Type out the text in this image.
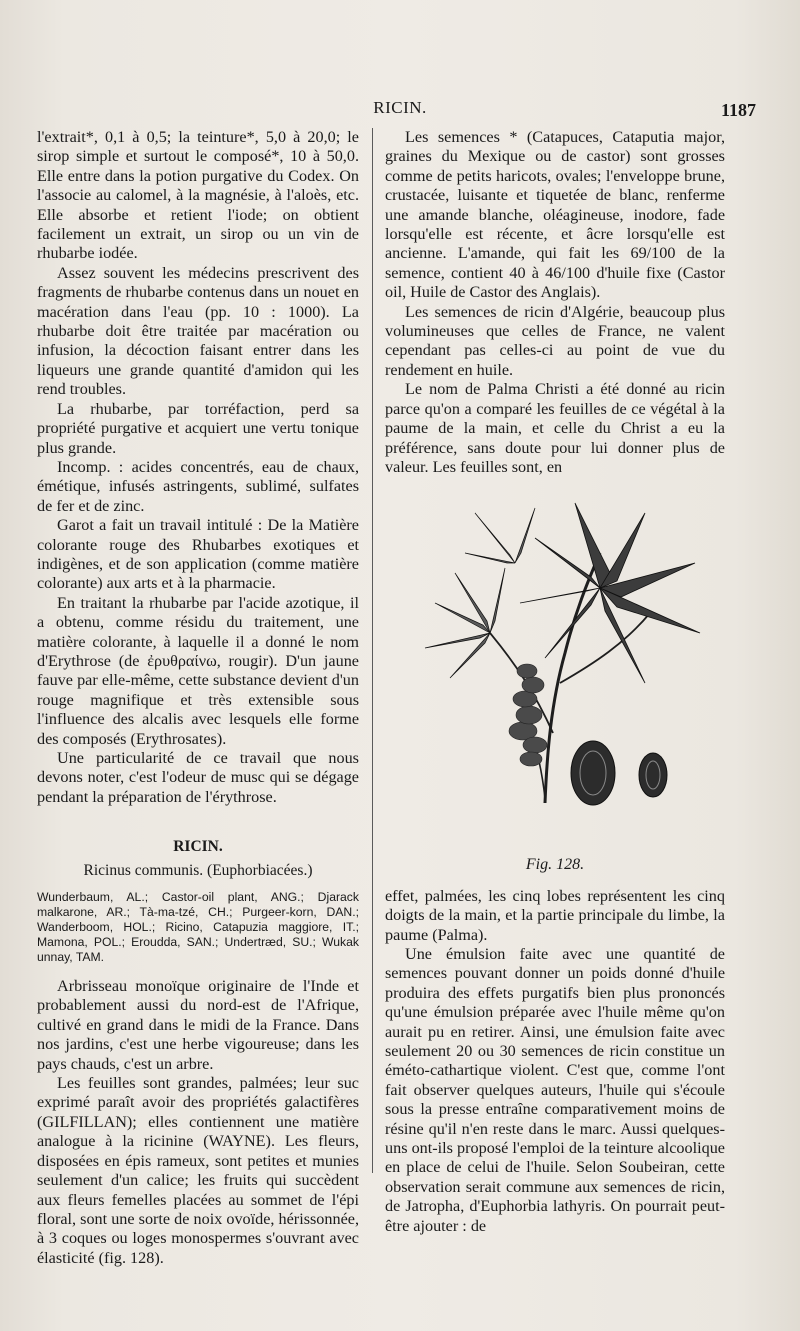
RICIN.	1187

l'extrait*, 0,1 à 0,5; la teinture*, 5,0 à 20,0; le sirop simple et surtout le composé*, 10 à 50,0. Elle entre dans la potion purgative du Codex. On l'associe au calomel, à la magnésie, à l'aloès, etc. Elle absorbe et retient l'iode; on obtient facilement un extrait, un sirop ou un vin de rhubarbe iodée.

Assez souvent les médecins prescrivent des fragments de rhubarbe contenus dans un nouet en macération dans l'eau (pp. 10 : 1000). La rhubarbe doit être traitée par macération ou infusion, la décoction faisant entrer dans les liqueurs une grande quantité d'amidon qui les rend troubles.

La rhubarbe, par torréfaction, perd sa propriété purgative et acquiert une vertu tonique plus grande.

Incomp. : acides concentrés, eau de chaux, émétique, infusés astringents, sublimé, sulfates de fer et de zinc.

Garot a fait un travail intitulé : De la Matière colorante rouge des Rhubarbes exotiques et indigènes, et de son application (comme matière colorante) aux arts et à la pharmacie.

En traitant la rhubarbe par l'acide azotique, il a obtenu, comme résidu du traitement, une matière colorante, à laquelle il a donné le nom d'Erythrose (de ἐρυθραίνω, rougir). D'un jaune fauve par elle-même, cette substance devient d'un rouge magnifique et très extensible sous l'influence des alcalis avec lesquels elle forme des composés (Erythrosates).

Une particularité de ce travail que nous devons noter, c'est l'odeur de musc qui se dégage pendant la préparation de l'érythrose.

RICIN.
Ricinus communis. (Euphorbiacées.)

Wunderbaum, AL.; Castor-oil plant, ANG.; Djarack malkarone, AR.; Tà-ma-tzé, CH.; Purgeer-korn, DAN.; Wanderboom, HOL.; Ricino, Catapuzia maggiore, IT.; Mamona, POL.; Eroudda, SAN.; Undertræd, SU.; Wukak unnay, TAM.

Arbrisseau monoïque originaire de l'Inde et probablement aussi du nord-est de l'Afrique, cultivé en grand dans le midi de la France. Dans nos jardins, c'est une herbe vigoureuse; dans les pays chauds, c'est un arbre.

Les feuilles sont grandes, palmées; leur suc exprimé paraît avoir des propriétés galactifères (GILFILLAN); elles contiennent une matière analogue à la ricinine (WAYNE). Les fleurs, disposées en épis rameux, sont petites et munies seulement d'un calice; les fruits qui succèdent aux fleurs femelles placées au sommet de l'épi floral, sont une sorte de noix ovoïde, hérissonnée, à 3 coques ou loges monospermes s'ouvrant avec élasticité (fig. 128).

Les semences * (Catapuces, Cataputia major, graines du Mexique ou de castor) sont grosses comme de petits haricots, ovales; l'enveloppe brune, crustacée, luisante et tiquetée de blanc, renferme une amande blanche, oléagineuse, inodore, fade lorsqu'elle est récente, et âcre lorsqu'elle est ancienne. L'amande, qui fait les 69/100 de la semence, contient 40 à 46/100 d'huile fixe (Castor oil, Huile de Castor des Anglais).

Les semences de ricin d'Algérie, beaucoup plus volumineuses que celles de France, ne valent cependant pas celles-ci au point de vue du rendement en huile.

Le nom de Palma Christi a été donné au ricin parce qu'on a comparé les feuilles de ce végétal à la paume de la main, et celle du Christ a eu la préférence, sans doute pour lui donner plus de valeur. Les feuilles sont, en

Fig. 128.

effet, palmées, les cinq lobes représentent les cinq doigts de la main, et la partie principale du limbe, la paume (Palma).

Une émulsion faite avec une quantité de semences pouvant donner un poids donné d'huile produira des effets purgatifs bien plus prononcés qu'une émulsion préparée avec l'huile même qu'on aurait pu en retirer. Ainsi, une émulsion faite avec seulement 20 ou 30 semences de ricin constitue un éméto-cathartique violent. C'est que, comme l'ont fait observer quelques auteurs, l'huile qui s'écoule sous la presse entraîne comparativement moins de résine qu'il n'en reste dans le marc. Aussi quelques-uns ont-ils proposé l'emploi de la teinture alcoolique en place de celui de l'huile. Selon Soubeiran, cette observation serait commune aux semences de ricin, de Jatropha, d'Euphorbia lathyris. On pourrait peut-être ajouter : de
